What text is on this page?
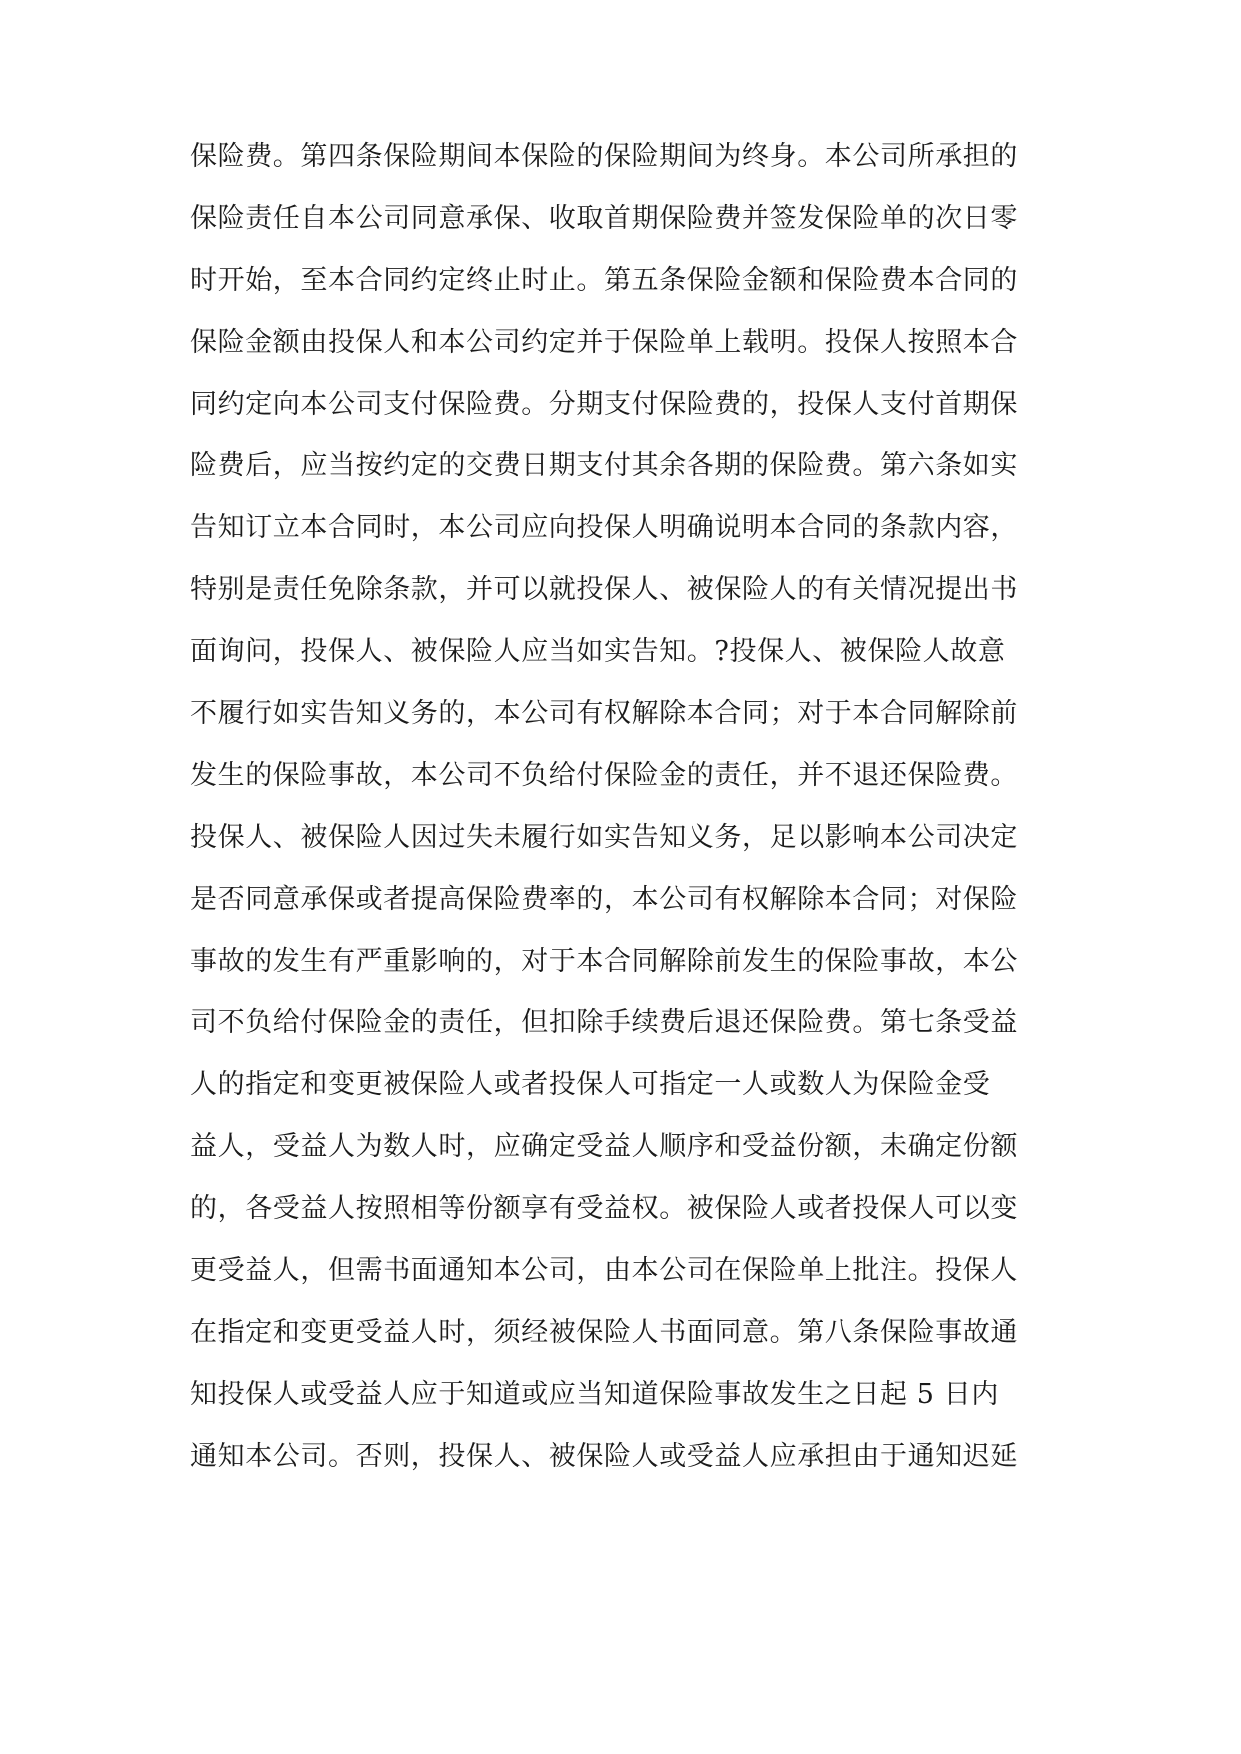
保险费。第四条保险期间本保险的保险期间为终身。本公司所承担的
保险责任自本公司同意承保、收取首期保险费并签发保险单的次日零
时开始，至本合同约定终止时止。第五条保险金额和保险费本合同的
保险金额由投保人和本公司约定并于保险单上载明。投保人按照本合
同约定向本公司支付保险费。分期支付保险费的，投保人支付首期保
险费后，应当按约定的交费日期支付其余各期的保险费。第六条如实
告知订立本合同时，本公司应向投保人明确说明本合同的条款内容，
特别是责任免除条款，并可以就投保人、被保险人的有关情况提出书
面询问，投保人、被保险人应当如实告知。?投保人、被保险人故意
不履行如实告知义务的，本公司有权解除本合同；对于本合同解除前
发生的保险事故，本公司不负给付保险金的责任，并不退还保险费。
投保人、被保险人因过失未履行如实告知义务，足以影响本公司决定
是否同意承保或者提高保险费率的，本公司有权解除本合同；对保险
事故的发生有严重影响的，对于本合同解除前发生的保险事故，本公
司不负给付保险金的责任，但扣除手续费后退还保险费。第七条受益
人的指定和变更被保险人或者投保人可指定一人或数人为保险金受
益人，受益人为数人时，应确定受益人顺序和受益份额，未确定份额
的，各受益人按照相等份额享有受益权。被保险人或者投保人可以变
更受益人，但需书面通知本公司，由本公司在保险单上批注。投保人
在指定和变更受益人时，须经被保险人书面同意。第八条保险事故通
知投保人或受益人应于知道或应当知道保险事故发生之日起 5 日内
通知本公司。否则，投保人、被保险人或受益人应承担由于通知迟延
